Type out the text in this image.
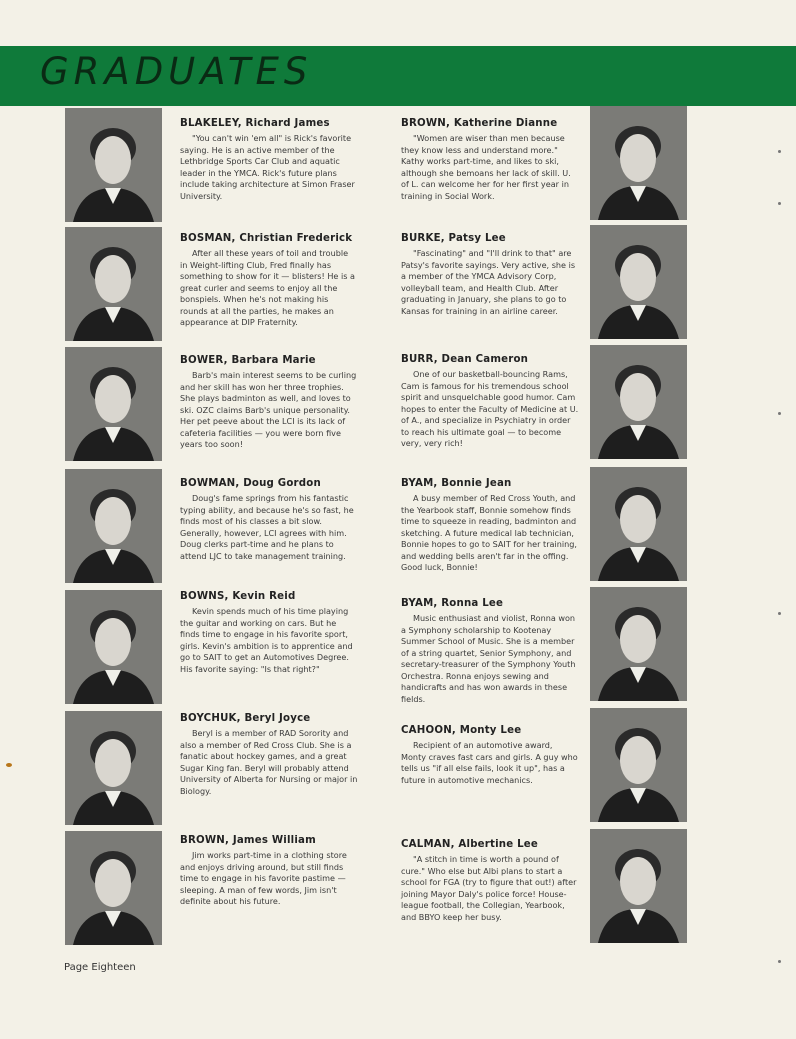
GRADUATES
BLAKELEY, Richard James
"You can't win 'em all" is Rick's favorite saying. He is an active member of the Lethbridge Sports Car Club and aquatic leader in the YMCA. Rick's future plans include taking architecture at Simon Fraser University.
BOSMAN, Christian Frederick
After all these years of toil and trouble in Weight-lifting Club, Fred finally has something to show for it — blisters! He is a great curler and seems to enjoy all the bonspiels. When he's not making his rounds at all the parties, he makes an appearance at DIP Fraternity.
BOWER, Barbara Marie
Barb's main interest seems to be curling and her skill has won her three trophies. She plays badminton as well, and loves to ski. OZC claims Barb's unique personality. Her pet peeve about the LCI is its lack of cafeteria facilities — you were born five years too soon!
BOWMAN, Doug Gordon
Doug's fame springs from his fantastic typing ability, and because he's so fast, he finds most of his classes a bit slow. Generally, however, LCI agrees with him. Doug clerks part-time and he plans to attend LJC to take management training.
BOWNS, Kevin Reid
Kevin spends much of his time playing the guitar and working on cars. But he finds time to engage in his favorite sport, girls. Kevin's ambition is to apprentice and go to SAIT to get an Automotives Degree. His favorite saying: "Is that right?"
BOYCHUK, Beryl Joyce
Beryl is a member of RAD Sorority and also a member of Red Cross Club. She is a fanatic about hockey games, and a great Sugar King fan. Beryl will probably attend University of Alberta for Nursing or major in Biology.
BROWN, James William
Jim works part-time in a clothing store and enjoys driving around, but still finds time to engage in his favorite pastime — sleeping. A man of few words, Jim isn't definite about his future.
BROWN, Katherine Dianne
"Women are wiser than men because they know less and understand more." Kathy works part-time, and likes to ski, although she bemoans her lack of skill. U. of L. can welcome her for her first year in training in Social Work.
BURKE, Patsy Lee
"Fascinating" and "I'll drink to that" are Patsy's favorite sayings. Very active, she is a member of the YMCA Advisory Corp, volleyball team, and Health Club. After graduating in January, she plans to go to Kansas for training in an airline career.
BURR, Dean Cameron
One of our basketball-bouncing Rams, Cam is famous for his tremendous school spirit and unsquelchable good humor. Cam hopes to enter the Faculty of Medicine at U. of A., and specialize in Psychiatry in order to reach his ultimate goal — to become very, very rich!
BYAM, Bonnie Jean
A busy member of Red Cross Youth, and the Yearbook staff, Bonnie somehow finds time to squeeze in reading, badminton and sketching. A future medical lab technician, Bonnie hopes to go to SAIT for her training, and wedding bells aren't far in the offing. Good luck, Bonnie!
BYAM, Ronna Lee
Music enthusiast and violist, Ronna won a Symphony scholarship to Kootenay Summer School of Music. She is a member of a string quartet, Senior Symphony, and secretary-treasurer of the Symphony Youth Orchestra. Ronna enjoys sewing and handicrafts and has won awards in these fields.
CAHOON, Monty Lee
Recipient of an automotive award, Monty craves fast cars and girls. A guy who tells us "if all else fails, look it up", has a future in automotive mechanics.
CALMAN, Albertine Lee
"A stitch in time is worth a pound of cure." Who else but Albi plans to start a school for FGA (try to figure that out!) after joining Mayor Daly's police force! House-league football, the Collegian, Yearbook, and BBYO keep her busy.
Page Eighteen
